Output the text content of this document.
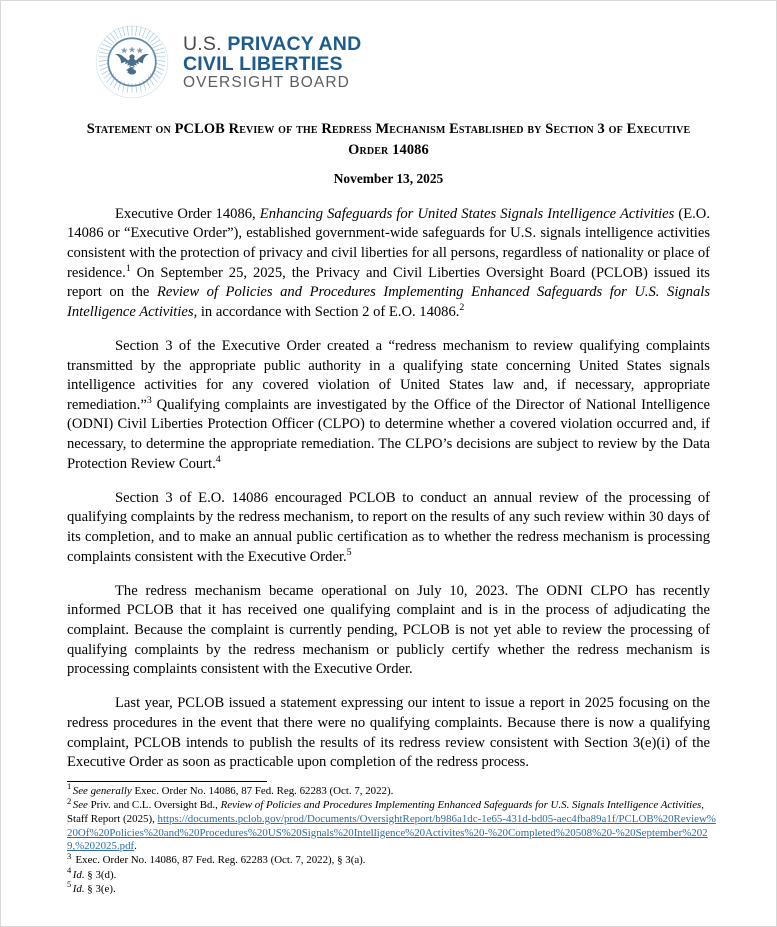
U.S. PRIVACY AND
CIVIL LIBERTIES
OVERSIGHT BOARD
Statement on PCLOB Review of the Redress Mechanism Established by Section 3 of Executive Order 14086
November 13, 2025

Executive Order 14086, Enhancing Safeguards for United States Signals Intelligence Activities (E.O. 14086 or “Executive Order”), established government-wide safeguards for U.S. signals intelligence activities consistent with the protection of privacy and civil liberties for all persons, regardless of nationality or place of residence.$^1$ On September 25, 2025, the Privacy and Civil Liberties Oversight Board (PCLOB) issued its report on the Review of Policies and Procedures Implementing Enhanced Safeguards for U.S. Signals Intelligence Activities, in accordance with Section 2 of E.O. 14086.$^2$

Section 3 of the Executive Order created a “redress mechanism to review qualifying complaints transmitted by the appropriate public authority in a qualifying state concerning United States signals intelligence activities for any covered violation of United States law and, if necessary, appropriate remediation.”$^3$ Qualifying complaints are investigated by the Office of the Director of National Intelligence (ODNI) Civil Liberties Protection Officer (CLPO) to determine whether a covered violation occurred and, if necessary, to determine the appropriate remediation. The CLPO’s decisions are subject to review by the Data Protection Review Court.$^4$

Section 3 of E.O. 14086 encouraged PCLOB to conduct an annual review of the processing of qualifying complaints by the redress mechanism, to report on the results of any such review within 30 days of its completion, and to make an annual public certification as to whether the redress mechanism is processing complaints consistent with the Executive Order.$^5$

The redress mechanism became operational on July 10, 2023. The ODNI CLPO has recently informed PCLOB that it has received one qualifying complaint and is in the process of adjudicating the complaint. Because the complaint is currently pending, PCLOB is not yet able to review the processing of qualifying complaints by the redress mechanism or publicly certify whether the redress mechanism is processing complaints consistent with the Executive Order.

Last year, PCLOB issued a statement expressing our intent to issue a report in 2025 focusing on the redress procedures in the event that there were no qualifying complaints. Because there is now a qualifying complaint, PCLOB intends to publish the results of its redress review consistent with Section 3(e)(i) of the Executive Order as soon as practicable upon completion of the redress process.

$^1$ See generally Exec. Order No. 14086, 87 Fed. Reg. 62283 (Oct. 7, 2022).
$^2$ See Priv. and C.L. Oversight Bd., Review of Policies and Procedures Implementing Enhanced Safeguards for U.S. Signals Intelligence Activities, Staff Report (2025), https://documents.pclob.gov/prod/Documents/OversightReport/b986a1dc-1e65-431d-bd05-aec4fba89a1f/PCLOB%20Review%20Of%20Policies%20and%20Procedures%20US%20Signals%20Intelligence%20Activites%20-%20Completed%20508%20-%20September%2029,%202025.pdf.
$^3$ Exec. Order No. 14086, 87 Fed. Reg. 62283 (Oct. 7, 2022), § 3(a).
$^4$ Id. § 3(d).
$^5$ Id. § 3(e).
